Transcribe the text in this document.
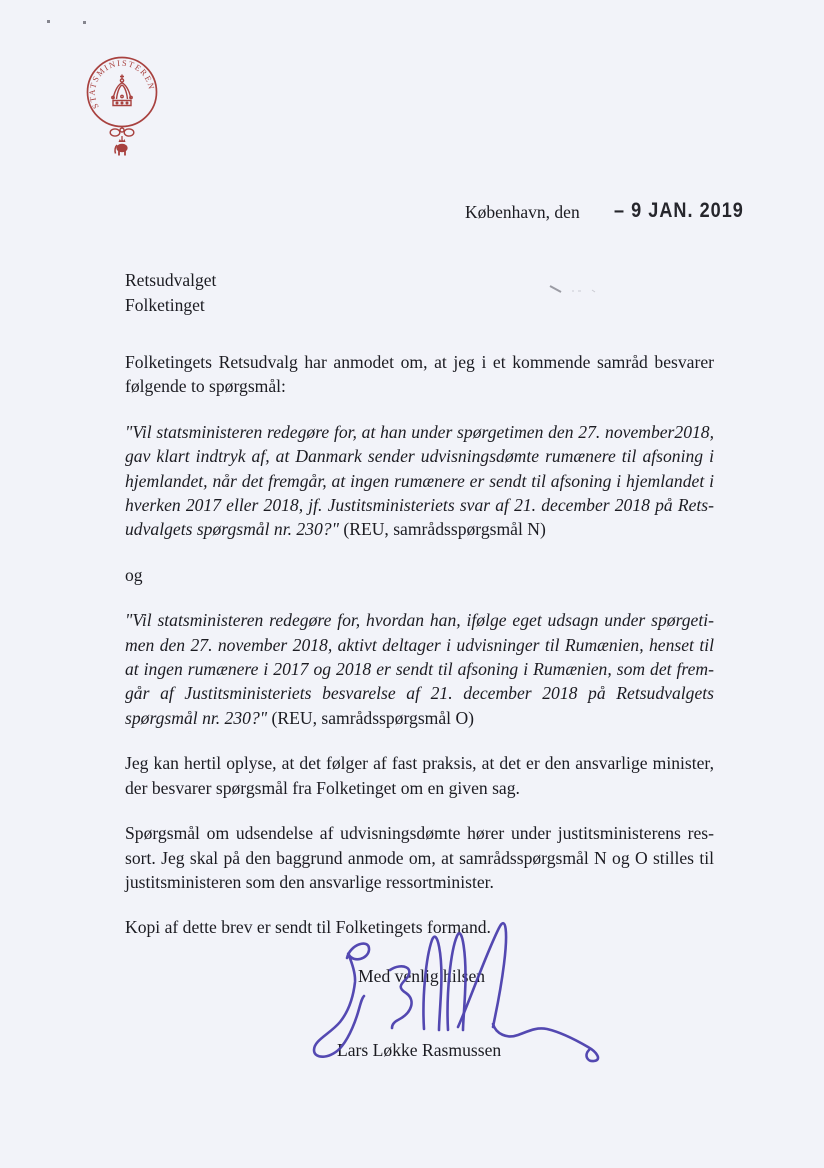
STATSMINISTEREN
København, den – 9 JAN. 2019
Retsudvalget
Folketinget

Folketingets Retsudvalg har anmodet om, at jeg i et kommende samråd besvarer følgende to spørgsmål:

"Vil statsministeren redegøre for, at han under spørgetimen den 27. november2018, gav klart indtryk af, at Danmark sender udvisningsdømte rumænere til afsoning i hjemlandet, når det fremgår, at ingen rumænere er sendt til afsoning i hjemlandet i hverken 2017 eller 2018, jf. Justitsministeriets svar af 21. december 2018 på Retsudvalgets spørgsmål nr. 230?" (REU, samrådsspørgsmål N)

og

"Vil statsministeren redegøre for, hvordan han, ifølge eget udsagn under spørgetimen den 27. november 2018, aktivt deltager i udvisninger til Rumænien, henset til at ingen rumænere i 2017 og 2018 er sendt til afsoning i Rumænien, som det fremgår af Justitsministeriets besvarelse af 21. december 2018 på Retsudvalgets spørgsmål nr. 230?" (REU, samrådsspørgsmål O)

Jeg kan hertil oplyse, at det følger af fast praksis, at det er den ansvarlige minister, der besvarer spørgsmål fra Folketinget om en given sag.

Spørgsmål om udsendelse af udvisningsdømte hører under justitsministerens ressort. Jeg skal på den baggrund anmode om, at samrådsspørgsmål N og O stilles til justitsministeren som den ansvarlige ressortminister.

Kopi af dette brev er sendt til Folketingets formand.

Med venlig hilsen
Lars Løkke Rasmussen
